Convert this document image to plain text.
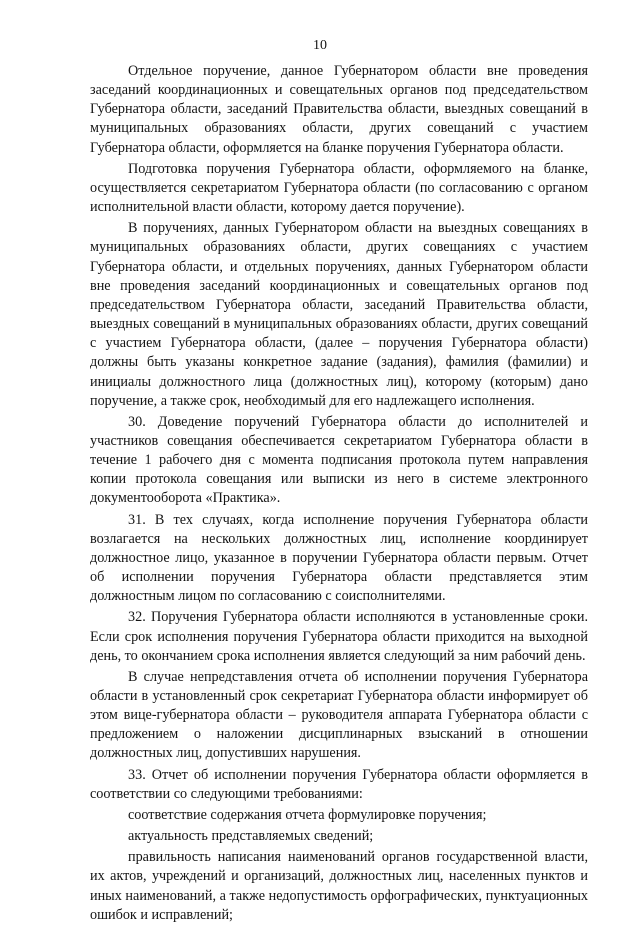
10

Отдельное поручение, данное Губернатором области вне проведения заседаний координационных и совещательных органов под председательством Губернатора области, заседаний Правительства области, выездных совещаний в муниципальных образованиях области, других совещаний с участием Губернатора области, оформляется на бланке поручения Губернатора области.

Подготовка поручения Губернатора области, оформляемого на бланке, осуществляется секретариатом Губернатора области (по согласованию с органом исполнительной власти области, которому дается поручение).

В поручениях, данных Губернатором области на выездных совещаниях в муниципальных образованиях области, других совещаниях с участием Губернатора области, и отдельных поручениях, данных Губернатором области вне проведения заседаний координационных и совещательных органов под председательством Губернатора области, заседаний Правительства области, выездных совещаний в муниципальных образованиях области, других совещаний с участием Губернатора области, (далее – поручения Губернатора области) должны быть указаны конкретное задание (задания), фамилия (фамилии) и инициалы должностного лица (должностных лиц), которому (которым) дано поручение, а также срок, необходимый для его надлежащего исполнения.

30. Доведение поручений Губернатора области до исполнителей и участников совещания обеспечивается секретариатом Губернатора области в течение 1 рабочего дня с момента подписания протокола путем направления копии протокола совещания или выписки из него в системе электронного документооборота «Практика».

31. В тех случаях, когда исполнение поручения Губернатора области возлагается на нескольких должностных лиц, исполнение координирует должностное лицо, указанное в поручении Губернатора области первым. Отчет об исполнении поручения Губернатора области представляется этим должностным лицом по согласованию с соисполнителями.

32. Поручения Губернатора области исполняются в установленные сроки. Если срок исполнения поручения Губернатора области приходится на выходной день, то окончанием срока исполнения является следующий за ним рабочий день.

В случае непредставления отчета об исполнении поручения Губернатора области в установленный срок секретариат Губернатора области информирует об этом вице-губернатора области – руководителя аппарата Губернатора области с предложением о наложении дисциплинарных взысканий в отношении должностных лиц, допустивших нарушения.

33. Отчет об исполнении поручения Губернатора области оформляется в соответствии со следующими требованиями:

соответствие содержания отчета формулировке поручения;

актуальность представляемых сведений;

правильность написания наименований органов государственной власти, их актов, учреждений и организаций, должностных лиц, населенных пунктов и иных наименований, а также недопустимость орфографических, пунктуационных ошибок и исправлений;
